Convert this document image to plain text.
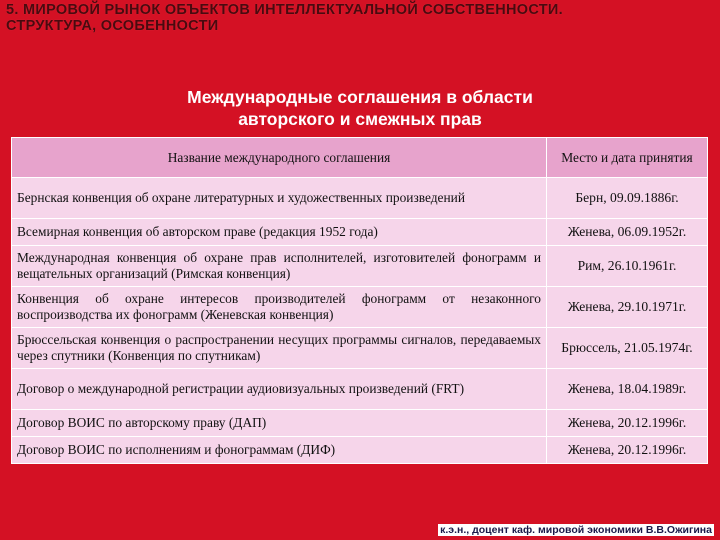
5. МИРОВОЙ РЫНОК ОБЪЕКТОВ ИНТЕЛЛЕКТУАЛЬНОЙ СОБСТВЕННОСТИ.
СТРУКТУРА, ОСОБЕННОСТИ
Международные соглашения в области
авторского и смежных прав
Название международного соглашения	Место и дата принятия
Бернская конвенция об охране литературных и художественных произведений	Берн, 09.09.1886г.
Всемирная конвенция об авторском праве (редакция 1952 года)	Женева, 06.09.1952г.
Международная конвенция об охране прав исполнителей, изготовителей фонограмм и вещательных организаций (Римская конвенция)	Рим, 26.10.1961г.
Конвенция об охране интересов производителей фонограмм от незаконного воспроизводства их фонограмм (Женевская конвенция)	Женева, 29.10.1971г.
Брюссельская конвенция о распространении несущих программы сигналов, передаваемых через спутники (Конвенция по спутникам)	Брюссель, 21.05.1974г.
Договор о международной регистрации аудиовизуальных произведений (FRT)	Женева, 18.04.1989г.
Договор ВОИС по авторскому праву (ДАП)	Женева, 20.12.1996г.
Договор ВОИС по исполнениям и фонограммам (ДИФ)	Женева, 20.12.1996г.
к.э.н., доцент каф. мировой экономики В.В.Ожигина
